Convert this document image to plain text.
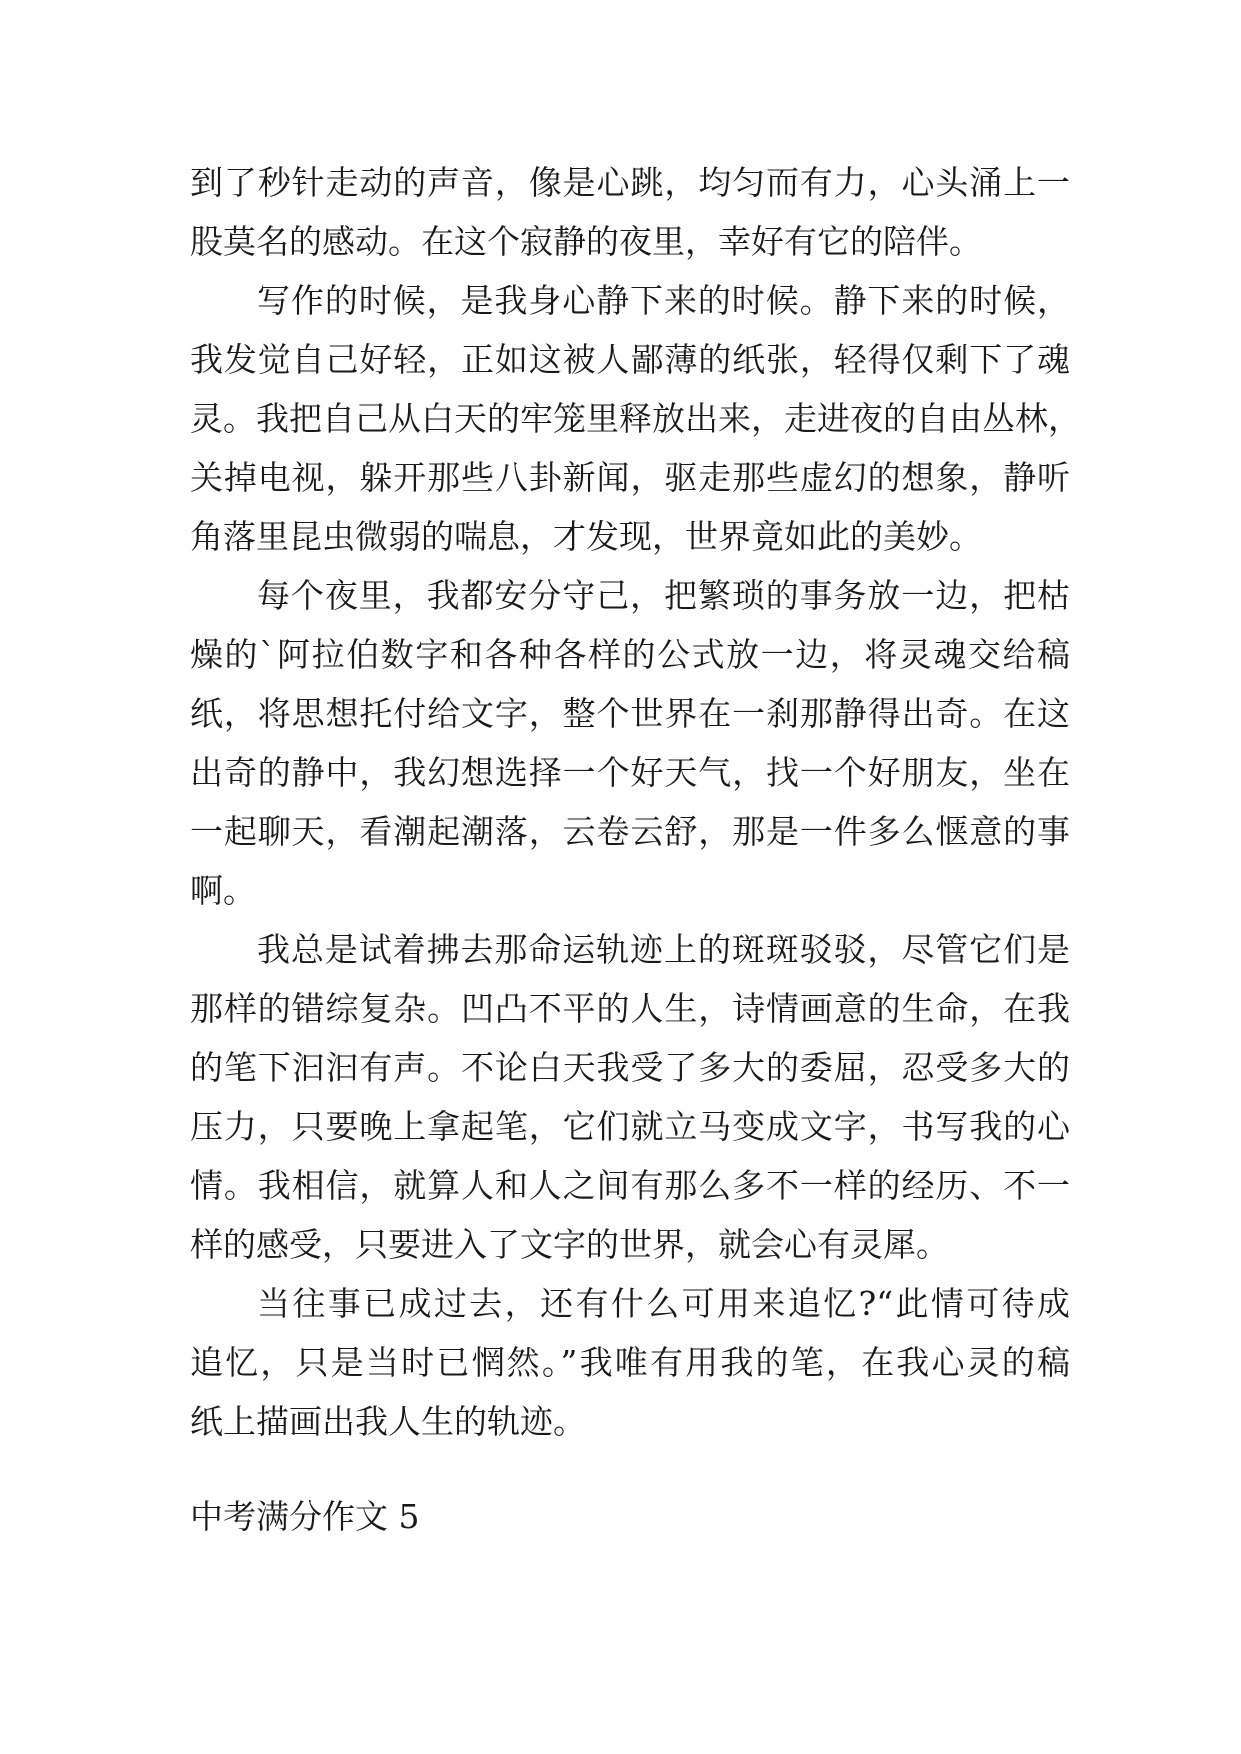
到了秒针走动的声音，像是心跳，均匀而有力，心头涌上一
股莫名的感动。在这个寂静的夜里，幸好有它的陪伴。
写作的时候，是我身心静下来的时候。静下来的时候，
我发觉自己好轻，正如这被人鄙薄的纸张，轻得仅剩下了魂
灵。我把自己从白天的牢笼里释放出来，走进夜的自由丛林，
关掉电视，躲开那些八卦新闻，驱走那些虚幻的想象，静听
角落里昆虫微弱的喘息，才发现，世界竟如此的美妙。
每个夜里，我都安分守己，把繁琐的事务放一边，把枯
燥的`阿拉伯数字和各种各样的公式放一边，将灵魂交给稿
纸，将思想托付给文字，整个世界在一刹那静得出奇。在这
出奇的静中，我幻想选择一个好天气，找一个好朋友，坐在
一起聊天，看潮起潮落，云卷云舒，那是一件多么惬意的事
啊。
我总是试着拂去那命运轨迹上的斑斑驳驳，尽管它们是
那样的错综复杂。凹凸不平的人生，诗情画意的生命，在我
的笔下汩汩有声。不论白天我受了多大的委屈，忍受多大的
压力，只要晚上拿起笔，它们就立马变成文字，书写我的心
情。我相信，就算人和人之间有那么多不一样的经历、不一
样的感受，只要进入了文字的世界，就会心有灵犀。
当往事已成过去，还有什么可用来追忆?“此情可待成
追忆，只是当时已惘然。”我唯有用我的笔，在我心灵的稿
纸上描画出我人生的轨迹。
中考满分作文 5
